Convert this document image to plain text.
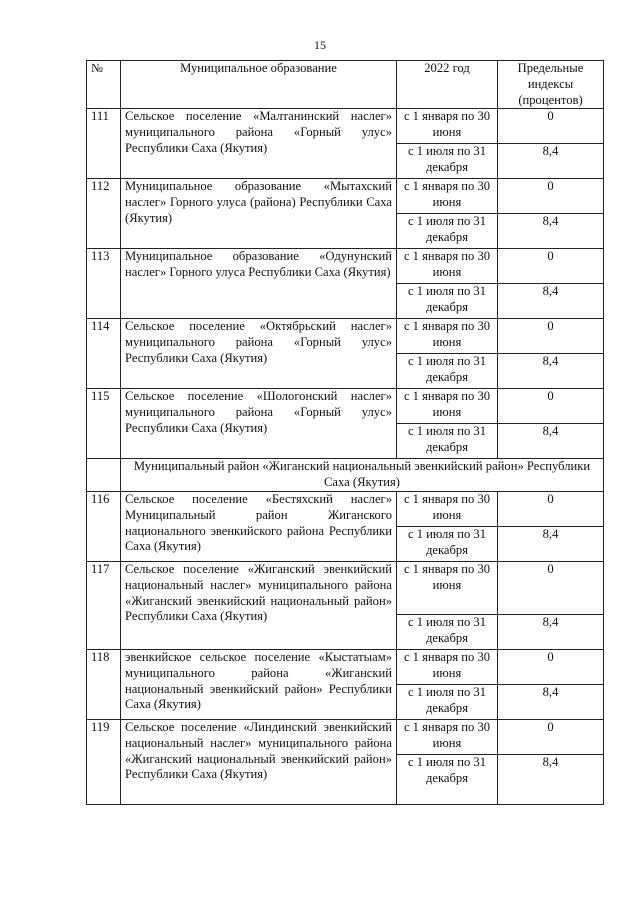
15
№	Муниципальное образование	2022 год	Предельные индексы (процентов)
111	Сельское поселение «Малтанинский наслег» муниципального района «Горный улус» Республики Саха (Якутия)	с 1 января по 30 июня	0
		с 1 июля по 31 декабря	8,4
112	Муниципальное образование «Мытахский наслег» Горного улуса (района) Республики Саха (Якутия)	с 1 января по 30 июня	0
		с 1 июля по 31 декабря	8,4
113	Муниципальное образование «Одунунский наслег» Горного улуса Республики Саха (Якутия)	с 1 января по 30 июня	0
		с 1 июля по 31 декабря	8,4
114	Сельское поселение «Октябрьский наслег» муниципального района «Горный улус» Республики Саха (Якутия)	с 1 января по 30 июня	0
		с 1 июля по 31 декабря	8,4
115	Сельское поселение «Шологонский наслег» муниципального района «Горный улус» Республики Саха (Якутия)	с 1 января по 30 июня	0
		с 1 июля по 31 декабря	8,4
	Муниципальный район «Жиганский национальный эвенкийский район» Республики Саха (Якутия)		
116	Сельское поселение «Бестяхский наслег» Муниципальный район Жиганского национального эвенкийского района Республики Саха (Якутия)	с 1 января по 30 июня	0
		с 1 июля по 31 декабря	8,4
117	Сельское поселение «Жиганский эвенкийский национальный наслег» муниципального района «Жиганский эвенкийский национальный район» Республики Саха (Якутия)	с 1 января по 30 июня	0
		с 1 июля по 31 декабря	8,4
118	эвенкийское сельское поселение «Кыстатыам» муниципального района «Жиганский национальный эвенкийский район» Республики Саха (Якутия)	с 1 января по 30 июня	0
		с 1 июля по 31 декабря	8,4
119	Сельское поселение «Линдинский эвенкийский национальный наслег» муниципального района «Жиганский национальный эвенкийский район» Республики Саха (Якутия)	с 1 января по 30 июня	0
		с 1 июля по 31 декабря	8,4
